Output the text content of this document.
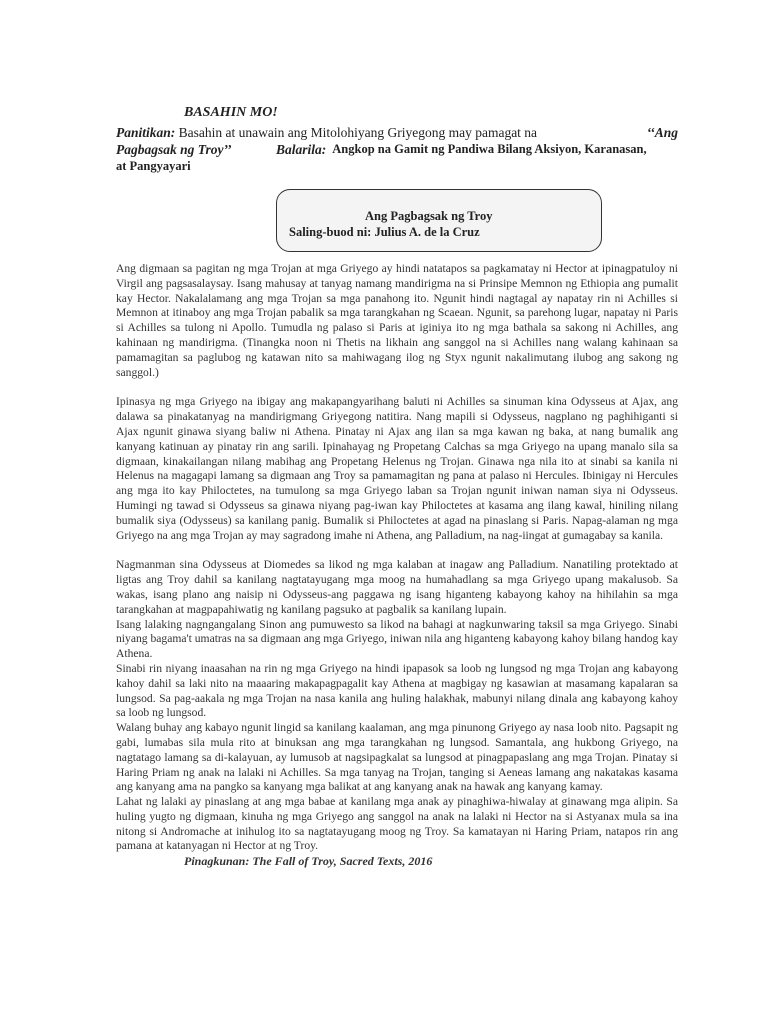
BASAHIN MO!
Panitikan: Basahin at unawain ang Mitolohiyang Griyegong may pamagat na	‘‘Ang
Pagbagsak ng Troy’’	Balarila: Angkop na Gamit ng Pandiwa Bilang Aksiyon, Karanasan,
at Pangyayari
Ang Pagbagsak ng Troy
Saling-buod ni: Julius A. de la Cruz

Ang digmaan sa pagitan ng mga Trojan at mga Griyego ay hindi natatapos sa pagkamatay ni Hector at ipinagpatuloy ni Virgil ang pagsasalaysay. Isang mahusay at tanyag namang mandirigma na si Prinsipe Memnon ng Ethiopia ang pumalit kay Hector. Nakalalamang ang mga Trojan sa mga panahong ito. Ngunit hindi nagtagal ay napatay rin ni Achilles si Memnon at itinaboy ang mga Trojan pabalik sa mga tarangkahan ng Scaean. Ngunit, sa parehong lugar, napatay ni Paris si Achilles sa tulong ni Apollo. Tumudla ng palaso si Paris at iginiya ito ng mga bathala sa sakong ni Achilles, ang kahinaan ng mandirigma. (Tinangka noon ni Thetis na likhain ang sanggol na si Achilles nang walang kahinaan sa pamamagitan sa paglubog ng katawan nito sa mahiwagang ilog ng Styx ngunit nakalimutang ilubog ang sakong ng sanggol.)

Ipinasya ng mga Griyego na ibigay ang makapangyarihang baluti ni Achilles sa sinuman kina Odysseus at Ajax, ang dalawa sa pinakatanyag na mandirigmang Griyegong natitira. Nang mapili si Odysseus, nagplano ng paghihiganti si Ajax ngunit ginawa siyang baliw ni Athena. Pinatay ni Ajax ang ilan sa mga kawan ng baka, at nang bumalik ang kanyang katinuan ay pinatay rin ang sarili. Ipinahayag ng Propetang Calchas sa mga Griyego na upang manalo sila sa digmaan, kinakailangan nilang mabihag ang Propetang Helenus ng Trojan. Ginawa nga nila ito at sinabi sa kanila ni Helenus na magagapi lamang sa digmaan ang Troy sa pamamagitan ng pana at palaso ni Hercules. Ibinigay ni Hercules ang mga ito kay Philoctetes, na tumulong sa mga Griyego laban sa Trojan ngunit iniwan naman siya ni Odysseus. Humingi ng tawad si Odysseus sa ginawa niyang pag-iwan kay Philoctetes at kasama ang ilang kawal, hiniling nilang bumalik siya (Odysseus) sa kanilang panig. Bumalik si Philoctetes at agad na pinaslang si Paris. Napag-alaman ng mga Griyego na ang mga Trojan ay may sagradong imahe ni Athena, ang Palladium, na nag-iingat at gumagabay sa kanila.

Nagmanman sina Odysseus at Diomedes sa likod ng mga kalaban at inagaw ang Palladium. Nanatiling protektado at ligtas ang Troy dahil sa kanilang nagtatayugang mga moog na humahadlang sa mga Griyego upang makalusob. Sa wakas, isang plano ang naisip ni Odysseus-ang paggawa ng isang higanteng kabayong kahoy na hihilahin sa mga tarangkahan at magpapahiwatig ng kanilang pagsuko at pagbalik sa kanilang lupain.

Isang lalaking nagngangalang Sinon ang pumuwesto sa likod na bahagi at nagkunwaring taksil sa mga Griyego. Sinabi niyang bagama't umatras na sa digmaan ang mga Griyego, iniwan nila ang higanteng kabayong kahoy bilang handog kay Athena.

Sinabi rin niyang inaasahan na rin ng mga Griyego na hindi ipapasok sa loob ng lungsod ng mga Trojan ang kabayong kahoy dahil sa laki nito na maaaring makapagpagalit kay Athena at magbigay ng kasawian at masamang kapalaran sa lungsod. Sa pag-aakala ng mga Trojan na nasa kanila ang huling halakhak, mabunyi nilang dinala ang kabayong kahoy sa loob ng lungsod.

Walang buhay ang kabayo ngunit lingid sa kanilang kaalaman, ang mga pinunong Griyego ay nasa loob nito. Pagsapit ng gabi, lumabas sila mula rito at binuksan ang mga tarangkahan ng lungsod. Samantala, ang hukbong Griyego, na nagtatago lamang sa di-kalayuan, ay lumusob at nagsipagkalat sa lungsod at pinagpapaslang ang mga Trojan. Pinatay si Haring Priam ng anak na lalaki ni Achilles. Sa mga tanyag na Trojan, tanging si Aeneas lamang ang nakatakas kasama ang kanyang ama na pangko sa kanyang mga balikat at ang kanyang anak na hawak ang kanyang kamay.

Lahat ng lalaki ay pinaslang at ang mga babae at kanilang mga anak ay pinaghiwa-hiwalay at ginawang mga alipin. Sa huling yugto ng digmaan, kinuha ng mga Griyego ang sanggol na anak na lalaki ni Hector na si Astyanax mula sa ina nitong si Andromache at inihulog ito sa nagtatayugang moog ng Troy. Sa kamatayan ni Haring Priam, natapos rin ang pamana at katanyagan ni Hector at ng Troy.

Pinagkunan: The Fall of Troy, Sacred Texts, 2016
